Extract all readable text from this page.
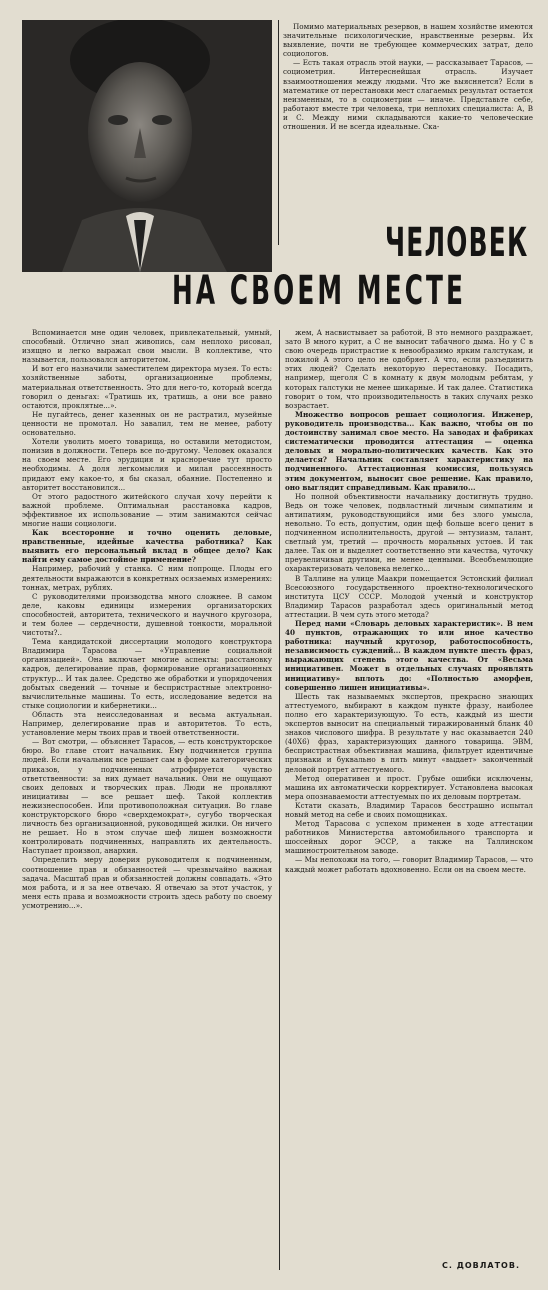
Помимо материальных резервов, в нашем хозяйстве имеются значительные психологические, нравственные резервы. Их выявление, почти не требующее коммерческих затрат, дело социологов.

— Есть такая отрасль этой науки, — рассказывает Тарасов, — социометрия. Интереснейшая отрасль. Изучает взаимоотношения между людьми. Что же выясняется? Если в математике от перестановки мест слагаемых результат остается неизменным, то в социометрии — иначе. Представьте себе, работают вместе три человека, три неплохих специалиста: А, В и С. Между ними складываются какие-то человеческие отношения. И не всегда идеальные. Ска-

ЧЕЛОВЕК
НА СВОЕМ МЕСТЕ

Вспоминается мне один человек, привлекательный, умный, способный. Отлично знал живопись, сам неплохо рисовал, изящно и легко выражал свои мысли. В коллективе, что называется, пользовался авторитетом.

И вот его назначили заместителем директора музея. То есть: хозяйственные заботы, организационные проблемы, материальная ответственность. Это для него-то, который всегда говорил о деньгах: «Тратишь их, тратишь, а они все равно остаются, проклятые...».

Не пугайтесь, денег казенных он не растратил, музейные ценности не промотал. Но завалил, тем не менее, работу основательно.

Хотели уволить моего товарища, но оставили методистом, понизив в должности. Теперь все по-другому. Человек оказался на своем месте. Его эрудиция и красноречие тут просто необходимы. А доля легкомыслия и милая рассеянность придают ему какое-то, я бы сказал, обаяние. Постепенно и авторитет восстановился...

От этого радостного житейского случая хочу перейти к важной проблеме. Оптимальная расстановка кадров, эффективное их использование — этим занимаются сейчас многие наши социологи.

Как всесторонне и точно оценить деловые, нравственные, идейные качества работника? Как выявить его персональный вклад в общее дело? Как найти ему самое достойное применение?

Например, рабочий у станка. С ним попроще. Плоды его деятельности выражаются в конкретных осязаемых измерениях: тоннах, метрах, рублях.

С руководителями производства много сложнее. В самом деле, каковы единицы измерения организаторских способностей, авторитета, технического и научного кругозора, и тем более — сердечности, душевной тонкости, моральной чистоты?..

Тема кандидатской диссертации молодого конструктора Владимира Тарасова — «Управление социальной организацией». Она включает многие аспекты: расстановку кадров, делегирование прав, формирование организационных структур... И так далее. Средство же обработки и упорядочения добытых сведений — точные и беспристрастные электронно-вычислительные машины. То есть, исследование ведется на стыке социологии и кибернетики...

Область эта неисследованная и весьма актуальная. Например, делегирование прав и авторитетов. То есть, установление меры твоих прав и твоей ответственности.

— Вот смотри, — объясняет Тарасов, — есть конструкторское бюро. Во главе стоит начальник. Ему подчиняется группа людей. Если начальник все решает сам в форме категорических приказов, у подчиненных атрофируется чувство ответственности: за них думает начальник. Они не ощущают своих деловых и творческих прав. Люди не проявляют инициативы — все решает шеф. Такой коллектив нежизнеспособен. Или противоположная ситуация. Во главе конструкторского бюро «сверхдемократ», сугубо творческая личность без организационной, руководящей жилки. Он ничего не решает. Но в этом случае шеф лишен возможности контролировать подчиненных, направлять их деятельность. Наступает произвол, анархия.

Определить меру доверия руководителя к подчиненным, соотношение прав и обязанностей — чрезвычайно важная задача. Масштаб прав и обязанностей должны совпадать. «Это моя работа, и я за нее отвечаю. Я отвечаю за этот участок, у меня есть права и возможности строить здесь работу по своему усмотрению...».

жем, А насвистывает за работой, В это немного раздражает, зато В много курит, а С не выносит табачного дыма. Но у С в свою очередь пристрастие к невообразимо ярким галстукам, и пожилой А этого цело не одобряет. А что, если разъединить этих людей? Сделать некоторую перестановку. Посадить, например, щеголя С в комнату к двум молодым ребятам, у которых галстуки не менее шикарные. И так далее. Статистика говорит о том, что производительность в таких случаях резко возрастает.

Множество вопросов решает социология. Инженер, руководитель производства... Как важно, чтобы он по достоинству занимал свое место. На заводах и фабриках систематически проводится аттестация — оценка деловых и морально-политических качеств. Как это делается? Начальник составляет характеристику на подчиненного. Аттестационная комиссия, пользуясь этим документом, выносит свое решение. Как правило, оно выглядит справедливым. Как правило...

Но полной объективности начальнику достигнуть трудно. Ведь он тоже человек, подвластный личным симпатиям и антипатиям, руководствующийся ими без злого умысла, невольно. То есть, допустим, один щеф больше всего ценит в подчиненном исполнительность, другой — энтузиазм, талант, светлый ум, третий — прочность моральных устоев. И так далее. Так он и выделяет соответственно эти качества, чуточку преувеличивая другими, не менее ценными. Всеобъемлющие охарактеризовать человека нелегко...

В Таллине на улице Маакри помещается Эстонский филиал Всесоюзного государственного проектно-технологического института ЦСУ СССР. Молодой ученый и конструктор Владимир Тарасов разработал здесь оригинальный метод аттестации. В чем суть этого метода?

Перед нами «Словарь деловых характеристик». В нем 40 пунктов, отражающих то или иное качество работника: научный кругозор, работоспособность, независимость суждений... В каждом пункте шесть фраз, выражающих степень этого качества. От «Весьма инициативен. Может в отдельных случаях проявлять инициативу» вплоть до: «Полностью аморфен, совершенно лишен инициативы».

Шесть так называемых экспертов, прекрасно знающих аттестуемого, выбирают в каждом пункте фразу, наиболее полно его характеризующую. То есть, каждый из шести экспертов выносит на специальный тиражированный бланк 40 знаков числового шифра. В результате у нас оказывается 240 (40Х6) фраз, характеризующих данного товарища. ЭВМ, беспристрастная объективная машина, фильтрует идентичные признаки и буквально в пять минут «выдает» законченный деловой портрет аттестуемого.

Метод оперативен и прост. Грубые ошибки исключены, машина их автоматически корректирует. Установлена высокая мера опознаваемости аттестуемых по их деловым портретам.

Кстати сказать, Владимир Тарасов бесстрашно испытал новый метод на себе и своих помощниках.

Метод Тарасова с успехом применен в ходе аттестации работников Министерства автомобильного транспорта и шоссейных дорог ЭССР, а также на Таллинском машиностроительном заводе.

— Мы непохожи на того, — говорит Владимир Тарасов, — что каждый может работать вдохновенно. Если он на своем месте.

С. ДОВЛАТОВ.
